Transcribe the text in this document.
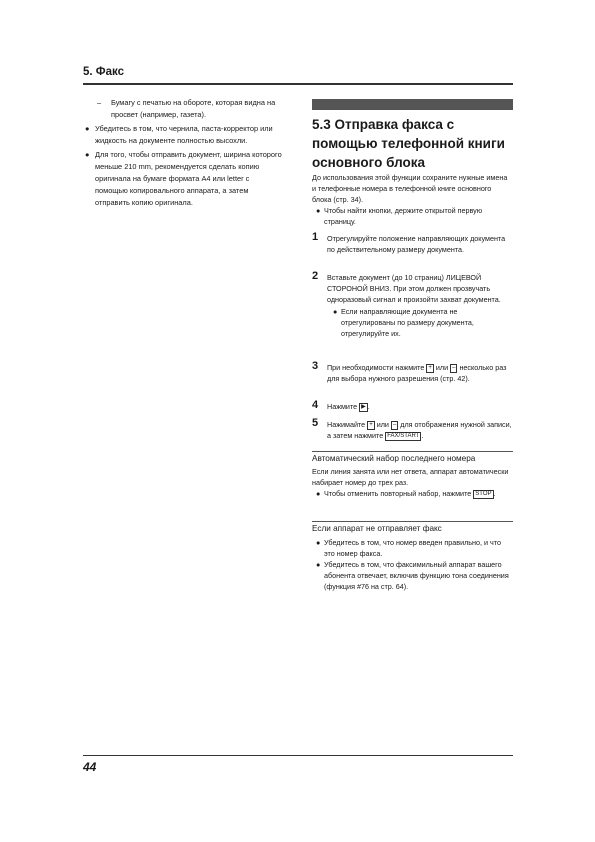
5. Факс
– Бумагу с печатью на обороте, которая видна на просвет (например, газета).
● Убедитесь в том, что чернила, паста-корректор или жидкость на документе полностью высохли.
● Для того, чтобы отправить документ, ширина которого меньше 210 mm, рекомендуется сделать копию оригинала на бумаге формата A4 или letter с помощью копировального аппарата, а затем отправить копию оригинала.
5.3 Отправка факса с помощью телефонной книги основного блока
До использования этой функции сохраните нужные имена и телефонные номера в телефонной книге основного блока (стр. 34).
● Чтобы найти кнопки, держите открытой первую страницу.
1	Отрегулируйте положение направляющих документа по действительному размеру документа.
2 Вставьте документ (до 10 страниц) ЛИЦЕВОЙ СТОРОНОЙ ВНИЗ. При этом должен прозвучать одноразовый сигнал и произойти захват документа.
● Если направляющие документа не отрегулированы по размеру документа, отрегулируйте их.
3	При необходимости нажмите + или – несколько раз для выбора нужного разрешения (стр. 42).
4	Нажмите ▶ .
5	Нажимайте + или – для отображения нужной записи, а затем нажмите FAX/START .
Автоматический набор последнего номера
Если линия занята или нет ответа, аппарат автоматически набирает номер до трех раз.
● Чтобы отменить повторный набор, нажмите STOP .
Если аппарат не отправляет факс
● Убедитесь в том, что номер введен правильно, и что это номер факса.
● Убедитесь в том, что факсимильный аппарат вашего абонента отвечает, включив функцию тона соединения (функция #76 на стр. 64).
44
